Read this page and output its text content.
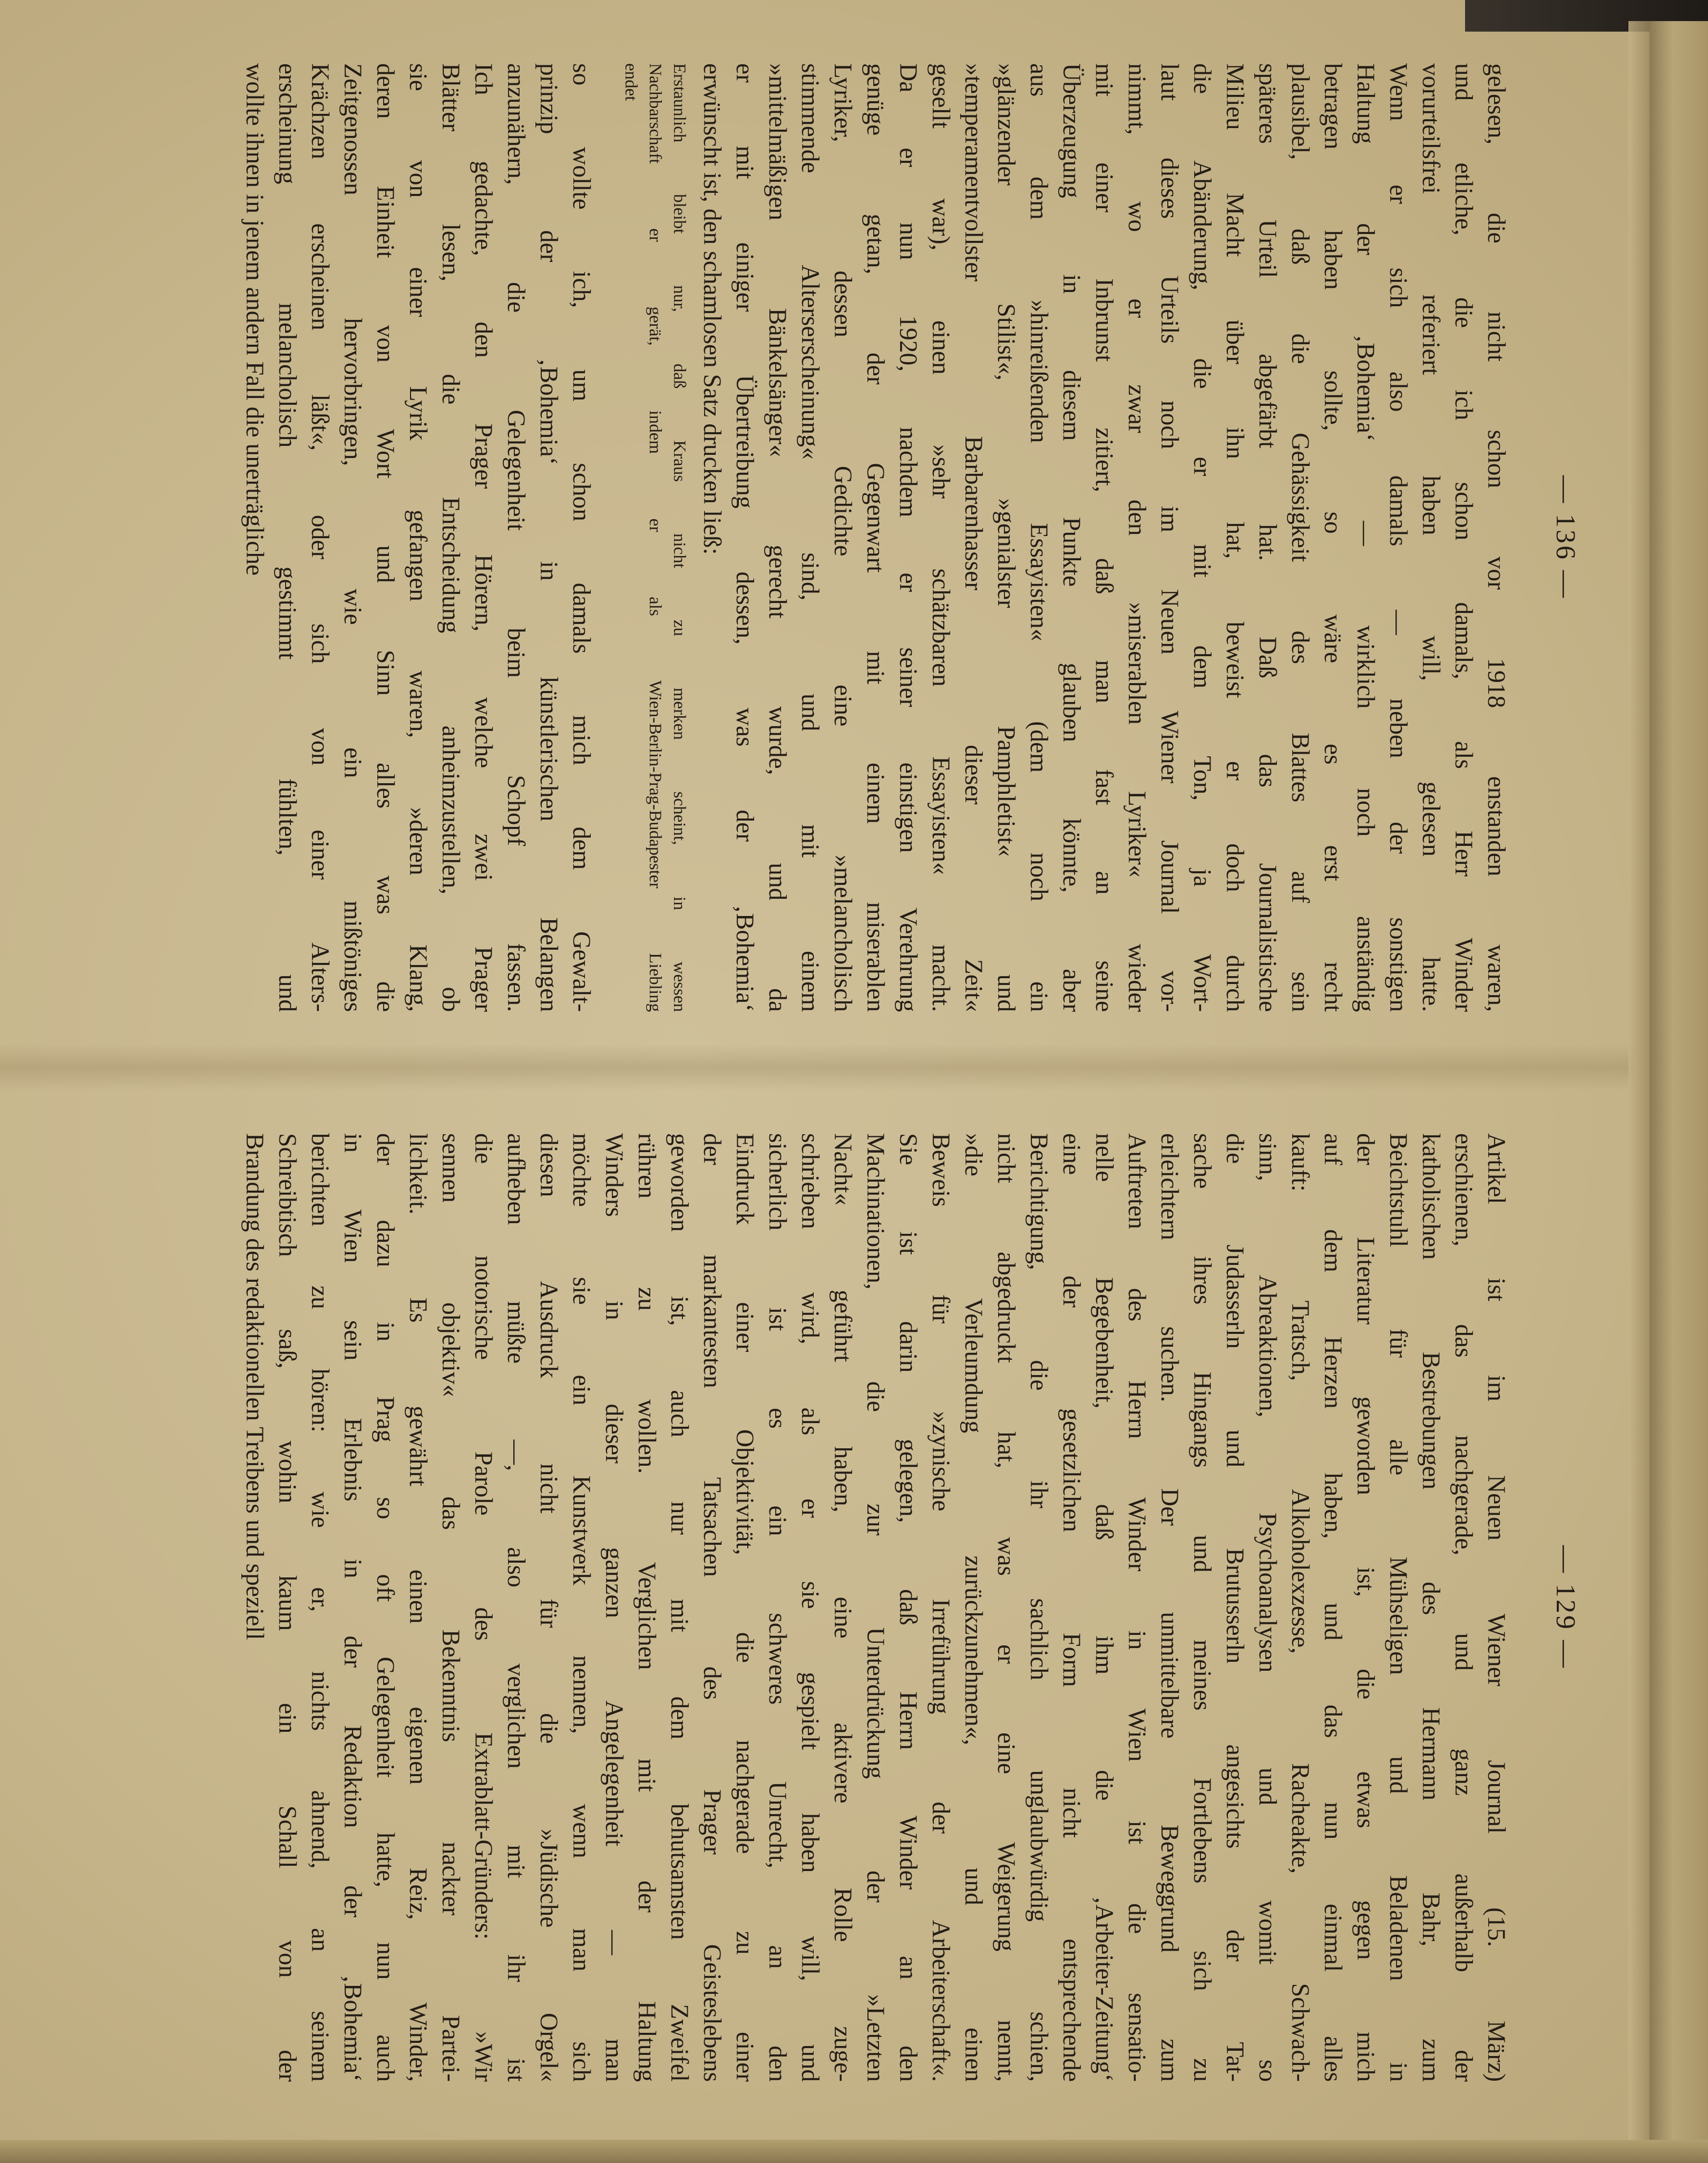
— 136 —
gelesen, die nicht schon vor 1918 enstanden waren,
und etliche, die ich schon damals, als Herr Winder
vorurteilsfrei referiert haben will, gelesen hatte.
Wenn er sich also damals — neben der sonstigen
Haltung der ‚Bohemia‘ — wirklich noch anständig
betragen haben sollte, so wäre es erst recht
plausibel, daß die Gehässigkeit des Blattes auf sein
späteres Urteil abgefärbt hat. Daß das Journalistische
Milieu Macht über ihn hat, beweist er doch durch
die Abänderung, die er mit dem Ton, ja Wort-
laut dieses Urteils noch im Neuen Wiener Journal vor-
nimmt, wo er zwar den »miserablen Lyriker« wieder
mit einer Inbrunst zitiert, daß man fast an seine
Überzeugung in diesem Punkte glauben könnte, aber
aus dem »hinreißenden Essayisten« (dem noch ein
»glänzender Stilist«, »genialster Pamphletist« und
»temperamentvollster Barbarenhasser dieser Zeit«
gesellt war), einen »sehr schätzbaren Essayisten« macht.
Da er nun 1920, nachdem er seiner einstigen Verehrung
genüge getan, der Gegenwart mit einem miserablen
Lyriker, dessen Gedichte eine »melancholisch
stimmende Alterserscheinung« sind, und mit einem
»mittelmäßigen Bänkelsänger« gerecht wurde, und da
er mit einiger Übertreibung dessen, was der ‚Bohemia‘
erwünscht ist, den schamlosen Satz drucken ließ:
Erstaunlich bleibt nur, daß Kraus nicht zu merken scheint, in wessen
Nachbarschaft er gerät, indem er als Wien-Berlin-Prag-Budapester Liebling
endet
so wollte ich, um schon damals mich dem Gewalt-
prinzip der ‚Bohemia‘ in künstlerischen Belangen
anzunähern, die Gelegenheit beim Schopf fassen.
Ich gedachte, den Prager Hörern, welche zwei Prager
Blätter lesen, die Entscheidung anheimzustellen, ob
sie von einer Lyrik gefangen waren, »deren Klang,
deren Einheit von Wort und Sinn alles was die
Zeitgenossen hervorbringen, wie ein mißtöniges
Krächzen erscheinen läßt«, oder sich von einer Alters-
erscheinung melancholisch gestimmt fühlten, und
wollte ihnen in jenem andern Fall die unerträgliche
— 129 —
Artikel ist im Neuen Wiener Journal (15. März)
erschienen, das nachgerade, und ganz außerhalb der
katholischen Bestrebungen des Hermann Bahr, zum
Beichtstuhl für alle Mühseligen und Beladenen in
der Literatur geworden ist, die etwas gegen mich
auf dem Herzen haben, und das nun einmal alles
kauft: Tratsch, Alkoholexzesse, Racheakte, Schwach-
sinn, Abreaktionen, Psychoanalysen und womit so
die Judasserln und Brutusserln angesichts der Tat-
sache ihres Hingangs und meines Fortlebens sich zu
erleichtern suchen. Der unmittelbare Beweggrund zum
Auftreten des Herrn Winder in Wien ist die sensatio-
nelle Begebenheit, daß ihm die ‚Arbeiter-Zeitung‘
eine der gesetzlichen Form nicht entsprechende
Berichtigung, die ihr sachlich unglaubwürdig schien,
nicht abgedruckt hat, was er eine Weigerung nennt,
»die Verleumdung zurückzunehmen«, und einen
Beweis für »zynische Irreführung der Arbeiterschaft«.
Sie ist darin gelegen, daß Herrn Winder an den
Machinationen, die zur Unterdrückung der »Letzten
Nacht« geführt haben, eine aktivere Rolle zuge-
schrieben wird, als er sie gespielt haben will, und
sicherlich ist es ein schweres Unrecht, an den
Eindruck einer Objektivität, die nachgerade zu einer
der markantesten Tatsachen des Prager Geisteslebens
geworden ist, auch nur mit dem behutsamsten Zweifel
rühren zu wollen. Verglichen mit der Haltung
Winders in dieser ganzen Angelegenheit — man
möchte sie ein Kunstwerk nennen, wenn man sich
diesen Ausdruck nicht für die »Jüdische Orgel«
aufheben müßte —, also verglichen mit ihr ist
die notorische Parole des Extrablatt-Gründers: »Wir
sennen objektiv« das Bekenntnis nackter Partei-
lichkeit. Es gewährt einen eigenen Reiz, Winder,
der dazu in Prag so oft Gelegenheit hatte, nun auch
in Wien sein Erlebnis in der Redaktion der ‚Bohemia‘
berichten zu hören: wie er, nichts ahnend, an seinem
Schreibtisch saß, wohin kaum ein Schall von der
Brandung des redaktionellen Treibens und speziell
